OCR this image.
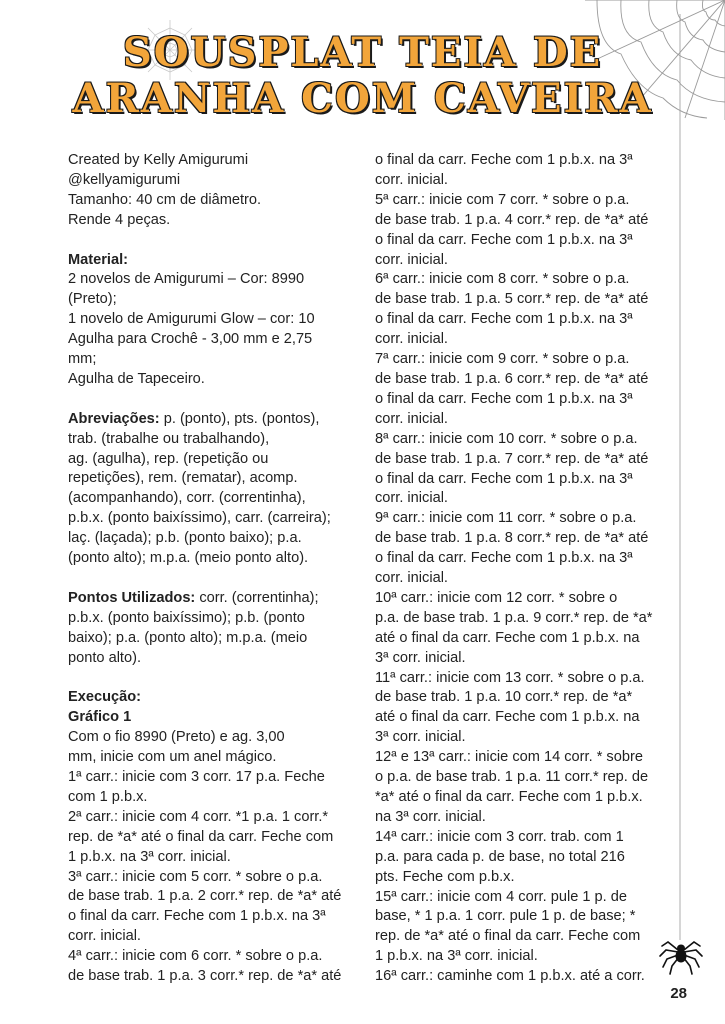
SOUSPLAT TEIA DE
ARANHA COM CAVEIRA
Created by Kelly Amigurumi
@kellyamigurumi
Tamanho: 40 cm de diâmetro.
Rende 4 peças.
Material:
2 novelos de Amigurumi – Cor: 8990
(Preto);
1 novelo de Amigurumi Glow – cor: 10
Agulha para Crochê - 3,00 mm e 2,75
mm;
Agulha de Tapeceiro.
Abreviações: p. (ponto), pts. (pontos),
trab. (trabalhe ou trabalhando),
ag. (agulha), rep. (repetição ou
repetições), rem. (rematar), acomp.
(acompanhando), corr. (correntinha),
p.b.x. (ponto baixíssimo), carr. (carreira);
laç. (laçada); p.b. (ponto baixo); p.a.
(ponto alto); m.p.a. (meio ponto alto).
Pontos Utilizados: corr. (correntinha);
p.b.x. (ponto baixíssimo); p.b. (ponto
baixo); p.a. (ponto alto); m.p.a. (meio
ponto alto).
Execução:
Gráfico 1
Com o fio 8990 (Preto) e ag. 3,00
mm, inicie com um anel mágico.
1ª carr.: inicie com 3 corr. 17 p.a. Feche
com 1 p.b.x.
2ª carr.: inicie com 4 corr. *1 p.a. 1 corr.*
rep. de *a* até o final da carr. Feche com
1 p.b.x. na 3ª corr. inicial.
3ª carr.: inicie com 5 corr. * sobre o p.a.
de base trab. 1 p.a. 2 corr.* rep. de *a* até
o final da carr. Feche com 1 p.b.x. na 3ª
corr. inicial.
4ª carr.: inicie com 6 corr. * sobre o p.a.
de base trab. 1 p.a. 3 corr.* rep. de *a* até
o final da carr. Feche com 1 p.b.x. na 3ª
corr. inicial.
5ª carr.: inicie com 7 corr. * sobre o p.a.
de base trab. 1 p.a. 4 corr.* rep. de *a* até
o final da carr. Feche com 1 p.b.x. na 3ª
corr. inicial.
6ª carr.: inicie com 8 corr. * sobre o p.a.
de base trab. 1 p.a. 5 corr.* rep. de *a* até
o final da carr. Feche com 1 p.b.x. na 3ª
corr. inicial.
7ª carr.: inicie com 9 corr. * sobre o p.a.
de base trab. 1 p.a. 6 corr.* rep. de *a* até
o final da carr. Feche com 1 p.b.x. na 3ª
corr. inicial.
8ª carr.: inicie com 10 corr. * sobre o p.a.
de base trab. 1 p.a. 7 corr.* rep. de *a* até
o final da carr. Feche com 1 p.b.x. na 3ª
corr. inicial.
9ª carr.: inicie com 11 corr. * sobre o p.a.
de base trab. 1 p.a. 8 corr.* rep. de *a* até
o final da carr. Feche com 1 p.b.x. na 3ª
corr. inicial.
10ª carr.: inicie com 12 corr. * sobre o
p.a. de base trab. 1 p.a. 9 corr.* rep. de *a*
até o final da carr. Feche com 1 p.b.x. na
3ª corr. inicial.
11ª carr.: inicie com 13 corr. * sobre o p.a.
de base trab. 1 p.a. 10 corr.* rep. de *a*
até o final da carr. Feche com 1 p.b.x. na
3ª corr. inicial.
12ª e 13ª carr.: inicie com 14 corr. * sobre
o p.a. de base trab. 1 p.a. 11 corr.* rep. de
*a* até o final da carr. Feche com 1 p.b.x.
na 3ª corr. inicial.
14ª carr.: inicie com 3 corr. trab. com 1
p.a. para cada p. de base, no total 216
pts. Feche com p.b.x.
15ª carr.: inicie com 4 corr. pule 1 p. de
base, * 1 p.a. 1 corr. pule 1 p. de base; *
rep. de *a* até o final da carr. Feche com
1 p.b.x. na 3ª corr. inicial.
16ª carr.: caminhe com 1 p.b.x. até a corr.
28
